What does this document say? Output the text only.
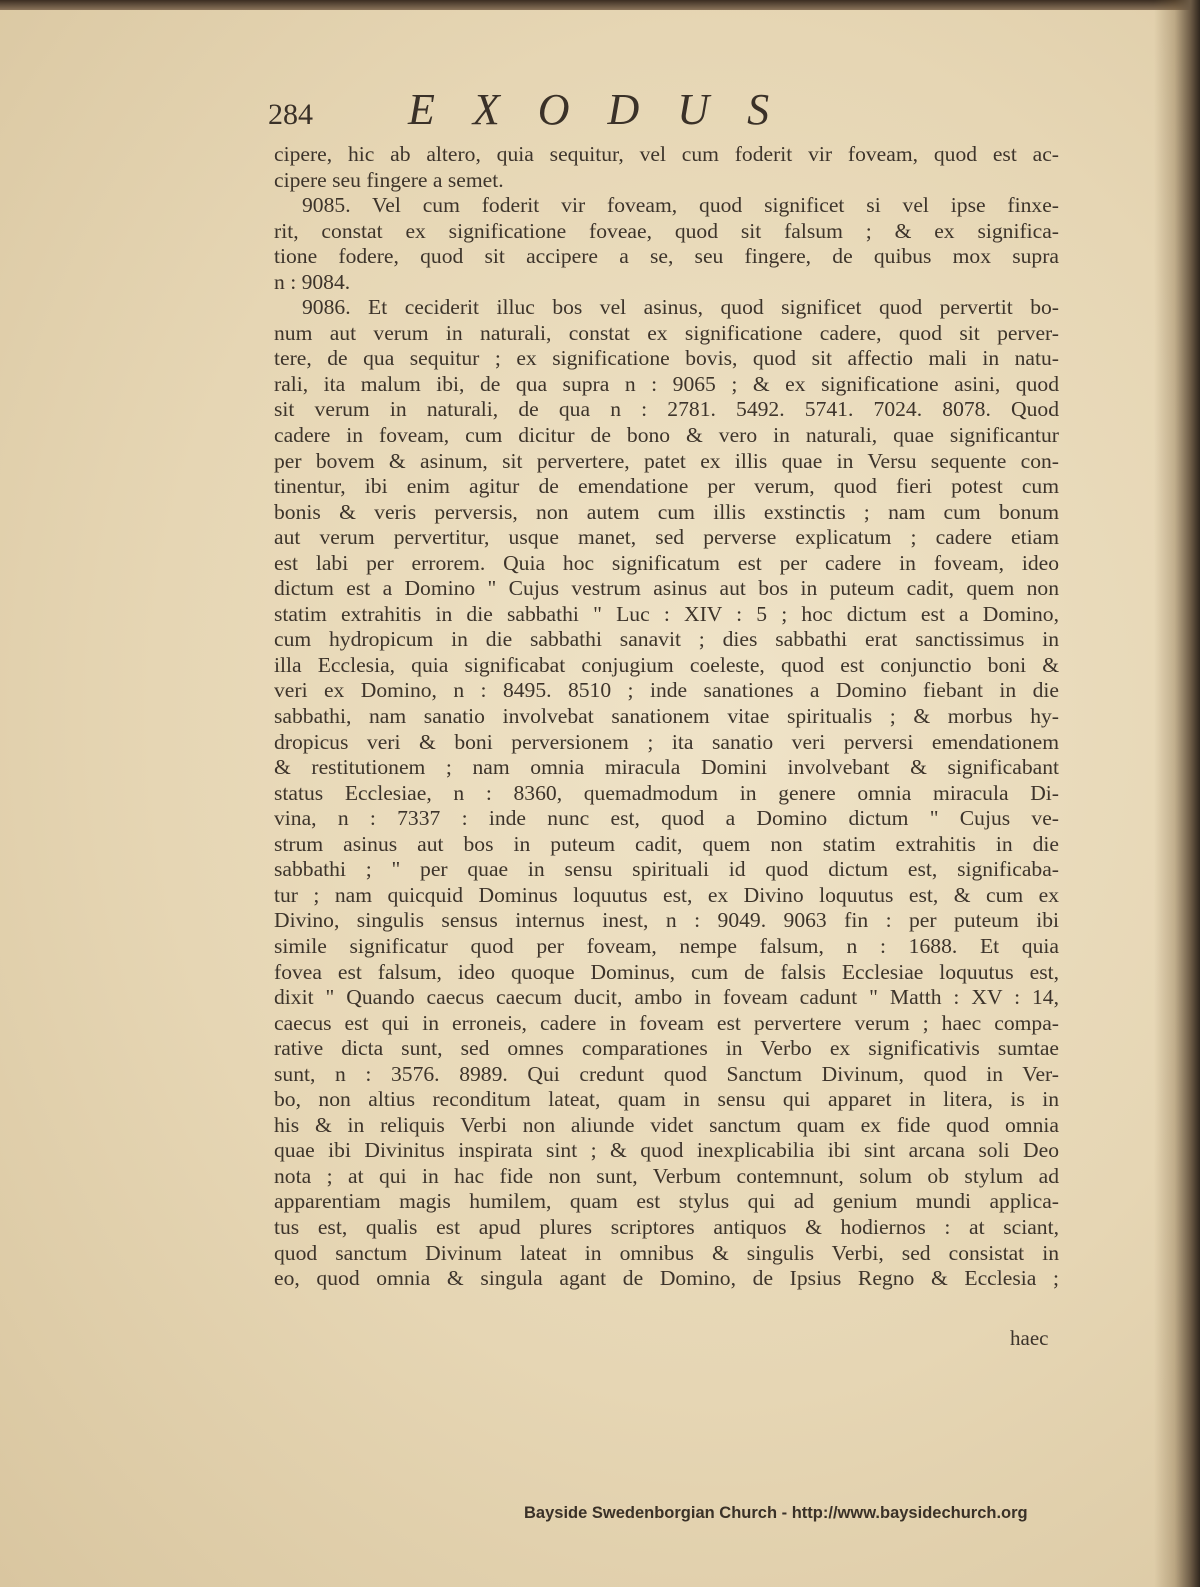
284 EXODUS
cipere, hic ab altero, quia sequitur, vel cum foderit vir foveam, quod est ac-
cipere seu fingere a semet.
9085. Vel cum foderit vir foveam, quod significet si vel ipse finxe-
rit, constat ex significatione foveae, quod sit falsum ; & ex significa-
tione fodere, quod sit accipere a se, seu fingere, de quibus mox supra
n : 9084.
9086. Et ceciderit illuc bos vel asinus, quod significet quod pervertit bo-
num aut verum in naturali, constat ex significatione cadere, quod sit perver-
tere, de qua sequitur ; ex significatione bovis, quod sit affectio mali in natu-
rali, ita malum ibi, de qua supra n : 9065 ; & ex significatione asini, quod
sit verum in naturali, de qua n : 2781. 5492. 5741. 7024. 8078. Quod
cadere in foveam, cum dicitur de bono & vero in naturali, quae significantur
per bovem & asinum, sit pervertere, patet ex illis quae in Versu sequente con-
tinentur, ibi enim agitur de emendatione per verum, quod fieri potest cum
bonis & veris perversis, non autem cum illis exstinctis ; nam cum bonum
aut verum pervertitur, usque manet, sed perverse explicatum ; cadere etiam
est labi per errorem. Quia hoc significatum est per cadere in foveam, ideo
dictum est a Domino " Cujus vestrum asinus aut bos in puteum cadit, quem non
statim extrahitis in die sabbathi " Luc : XIV : 5 ; hoc dictum est a Domino,
cum hydropicum in die sabbathi sanavit ; dies sabbathi erat sanctissimus in
illa Ecclesia, quia significabat conjugium coeleste, quod est conjunctio boni &
veri ex Domino, n : 8495. 8510 ; inde sanationes a Domino fiebant in die
sabbathi, nam sanatio involvebat sanationem vitae spiritualis ; & morbus hy-
dropicus veri & boni perversionem ; ita sanatio veri perversi emendationem
& restitutionem ; nam omnia miracula Domini involvebant & significabant
status Ecclesiae, n : 8360, quemadmodum in genere omnia miracula Di-
vina, n : 7337 : inde nunc est, quod a Domino dictum " Cujus ve-
strum asinus aut bos in puteum cadit, quem non statim extrahitis in die
sabbathi ; " per quae in sensu spirituali id quod dictum est, significaba-
tur ; nam quicquid Dominus loquutus est, ex Divino loquutus est, & cum ex
Divino, singulis sensus internus inest, n : 9049. 9063 fin : per puteum ibi
simile significatur quod per foveam, nempe falsum, n : 1688. Et quia
fovea est falsum, ideo quoque Dominus, cum de falsis Ecclesiae loquutus est,
dixit " Quando caecus caecum ducit, ambo in foveam cadunt " Matth : XV : 14,
caecus est qui in erroneis, cadere in foveam est pervertere verum ; haec compa-
rative dicta sunt, sed omnes comparationes in Verbo ex significativis sumtae
sunt, n : 3576. 8989. Qui credunt quod Sanctum Divinum, quod in Ver-
bo, non altius reconditum lateat, quam in sensu qui apparet in litera, is in
his & in reliquis Verbi non aliunde videt sanctum quam ex fide quod omnia
quae ibi Divinitus inspirata sint ; & quod inexplicabilia ibi sint arcana soli Deo
nota ; at qui in hac fide non sunt, Verbum contemnunt, solum ob stylum ad
apparentiam magis humilem, quam est stylus qui ad genium mundi applica-
tus est, qualis est apud plures scriptores antiquos & hodiernos : at sciant,
quod sanctum Divinum lateat in omnibus & singulis Verbi, sed consistat in
eo, quod omnia & singula agant de Domino, de Ipsius Regno & Ecclesia ;
haec
Bayside Swedenborgian Church - http://www.baysidechurch.org
